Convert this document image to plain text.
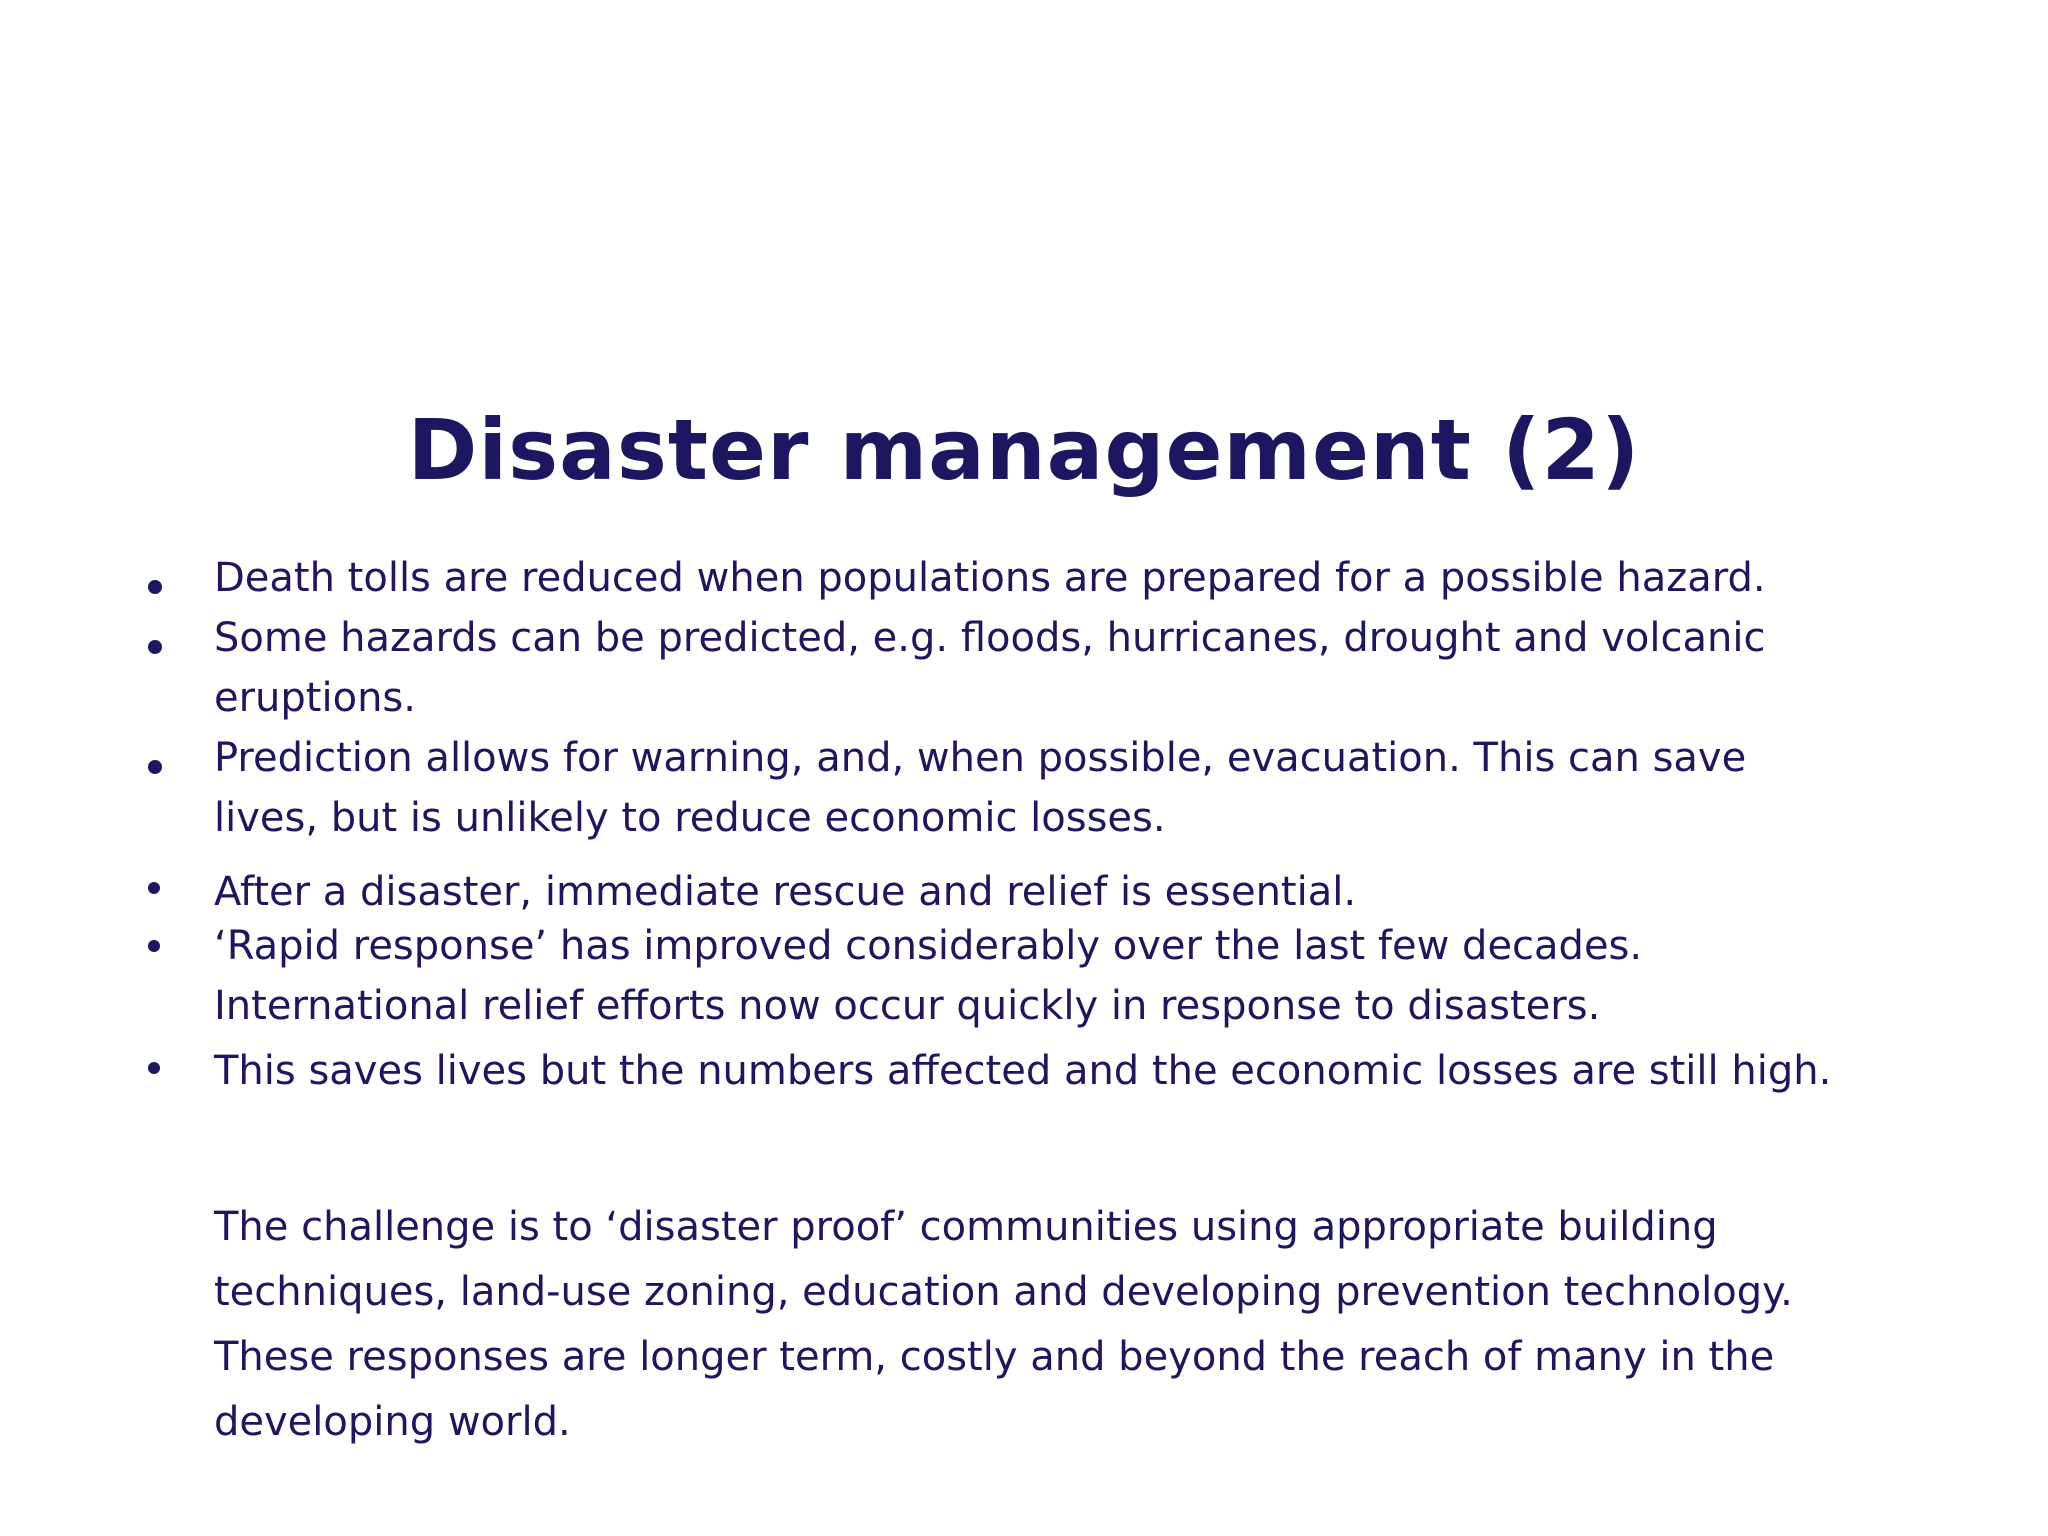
Disaster management (2)
Death tolls are reduced when populations are prepared for a possible hazard.
Some hazards can be predicted, e.g. floods, hurricanes, drought and volcanic
eruptions.
Prediction allows for warning, and, when possible, evacuation. This can save
lives, but is unlikely to reduce economic losses.
After a disaster, immediate rescue and relief is essential.
‘Rapid response’ has improved considerably over the last few decades.
International relief efforts now occur quickly in response to disasters.
This saves lives but the numbers affected and the economic losses are still high.
The challenge is to ‘disaster proof’ communities using appropriate building
techniques, land-use zoning, education and developing prevention technology.
These responses are longer term, costly and beyond the reach of many in the
developing world.
